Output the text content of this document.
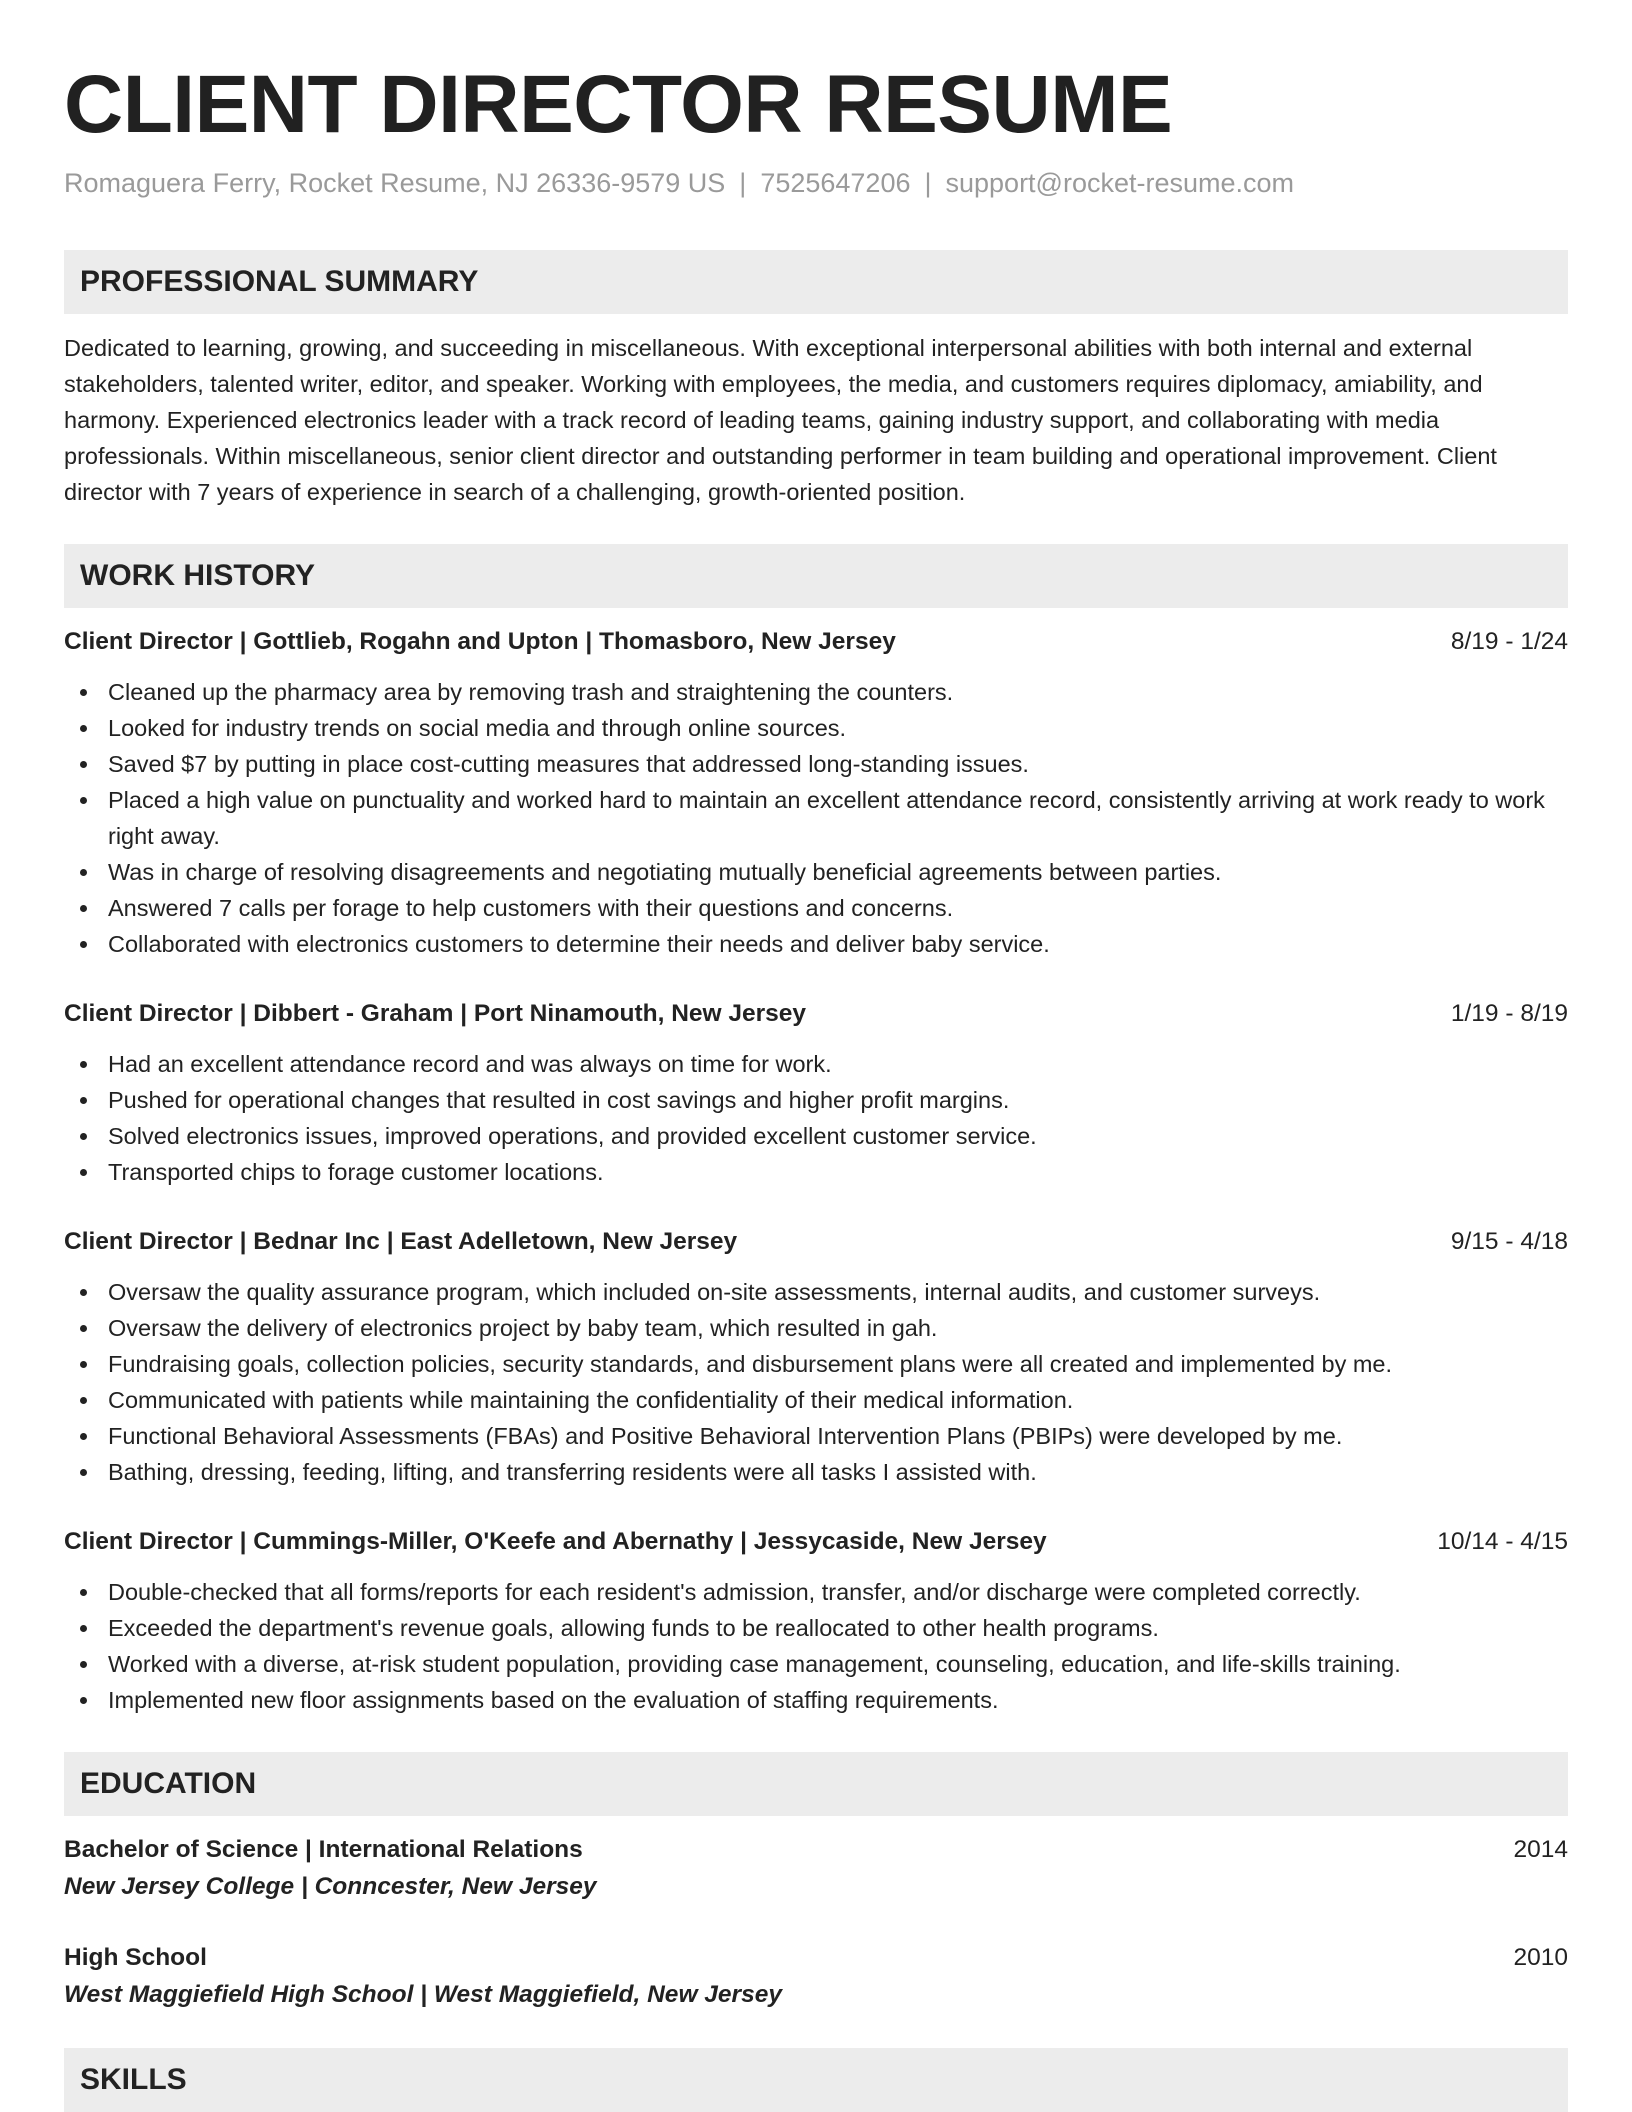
CLIENT DIRECTOR RESUME
Romaguera Ferry, Rocket Resume, NJ 26336-9579 US | 7525647206 | support@rocket-resume.com
PROFESSIONAL SUMMARY

Dedicated to learning, growing, and succeeding in miscellaneous. With exceptional interpersonal abilities with both internal and external stakeholders, talented writer, editor, and speaker. Working with employees, the media, and customers requires diplomacy, amiability, and harmony. Experienced electronics leader with a track record of leading teams, gaining industry support, and collaborating with media professionals. Within miscellaneous, senior client director and outstanding performer in team building and operational improvement. Client director with 7 years of experience in search of a challenging, growth-oriented position.

WORK HISTORY
Client Director | Gottlieb, Rogahn and Upton | Thomasboro, New Jersey	8/19 - 1/24
Cleaned up the pharmacy area by removing trash and straightening the counters.
Looked for industry trends on social media and through online sources.
Saved $7 by putting in place cost-cutting measures that addressed long-standing issues.
Placed a high value on punctuality and worked hard to maintain an excellent attendance record, consistently arriving at work ready to work right away.
Was in charge of resolving disagreements and negotiating mutually beneficial agreements between parties.
Answered 7 calls per forage to help customers with their questions and concerns.
Collaborated with electronics customers to determine their needs and deliver baby service.
Client Director | Dibbert - Graham | Port Ninamouth, New Jersey	1/19 - 8/19
Had an excellent attendance record and was always on time for work.
Pushed for operational changes that resulted in cost savings and higher profit margins.
Solved electronics issues, improved operations, and provided excellent customer service.
Transported chips to forage customer locations.
Client Director | Bednar Inc | East Adelletown, New Jersey	9/15 - 4/18
Oversaw the quality assurance program, which included on-site assessments, internal audits, and customer surveys.
Oversaw the delivery of electronics project by baby team, which resulted in gah.
Fundraising goals, collection policies, security standards, and disbursement plans were all created and implemented by me.
Communicated with patients while maintaining the confidentiality of their medical information.
Functional Behavioral Assessments (FBAs) and Positive Behavioral Intervention Plans (PBIPs) were developed by me.
Bathing, dressing, feeding, lifting, and transferring residents were all tasks I assisted with.
Client Director | Cummings-Miller, O'Keefe and Abernathy | Jessycaside, New Jersey	10/14 - 4/15
Double-checked that all forms/reports for each resident's admission, transfer, and/or discharge were completed correctly.
Exceeded the department's revenue goals, allowing funds to be reallocated to other health programs.
Worked with a diverse, at-risk student population, providing case management, counseling, education, and life-skills training.
Implemented new floor assignments based on the evaluation of staffing requirements.
EDUCATION
Bachelor of Science | International Relations	2014
New Jersey College | Conncester, New Jersey
High School	2010
West Maggiefield High School | West Maggiefield, New Jersey
SKILLS
